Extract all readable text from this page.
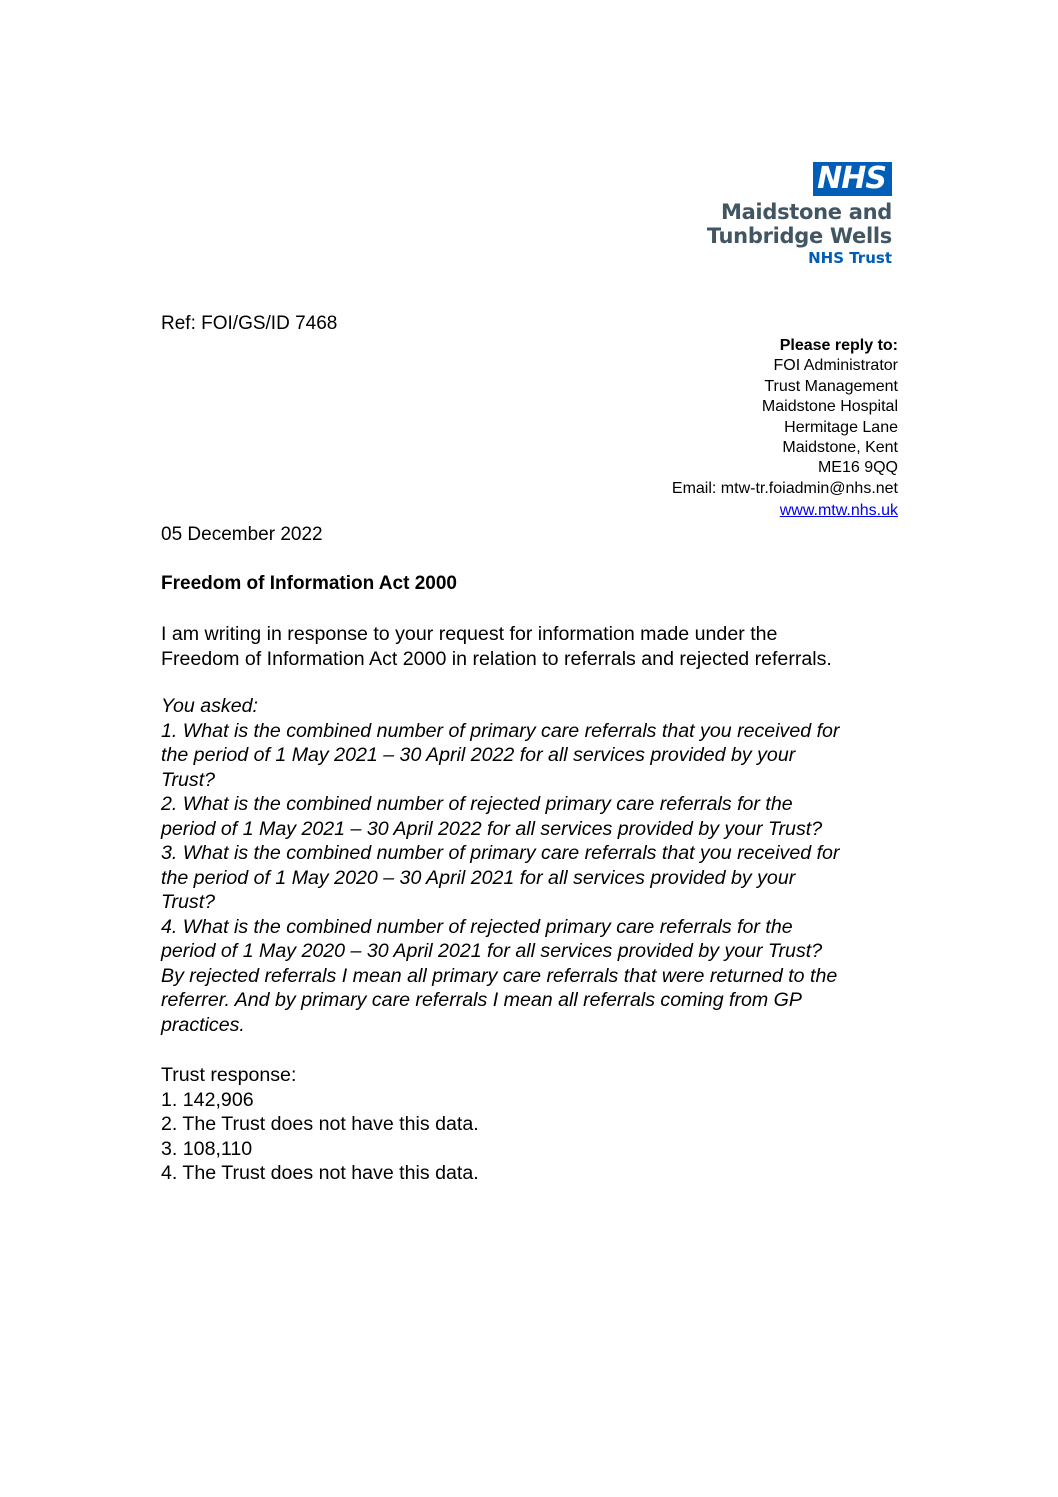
NHS
Maidstone and
Tunbridge Wells
NHS Trust
Ref: FOI/GS/ID 7468
Please reply to:
FOI Administrator
Trust Management
Maidstone Hospital
Hermitage Lane
Maidstone, Kent
ME16 9QQ
Email: mtw-tr.foiadmin@nhs.net
www.mtw.nhs.uk
05 December 2022
Freedom of Information Act 2000

I am writing in response to your request for information made under the

Freedom of Information Act 2000 in relation to referrals and rejected referrals.

You asked:
1. What is the combined number of primary care referrals that you received for
the period of 1 May 2021 – 30 April 2022 for all services provided by your
Trust?
2. What is the combined number of rejected primary care referrals for the
period of 1 May 2021 – 30 April 2022 for all services provided by your Trust?
3. What is the combined number of primary care referrals that you received for
the period of 1 May 2020 – 30 April 2021 for all services provided by your
Trust?
4. What is the combined number of rejected primary care referrals for the
period of 1 May 2020 – 30 April 2021 for all services provided by your Trust?
By rejected referrals I mean all primary care referrals that were returned to the
referrer. And by primary care referrals I mean all referrals coming from GP
practices.
Trust response:
1. 142,906
2. The Trust does not have this data.
3. 108,110
4. The Trust does not have this data.
